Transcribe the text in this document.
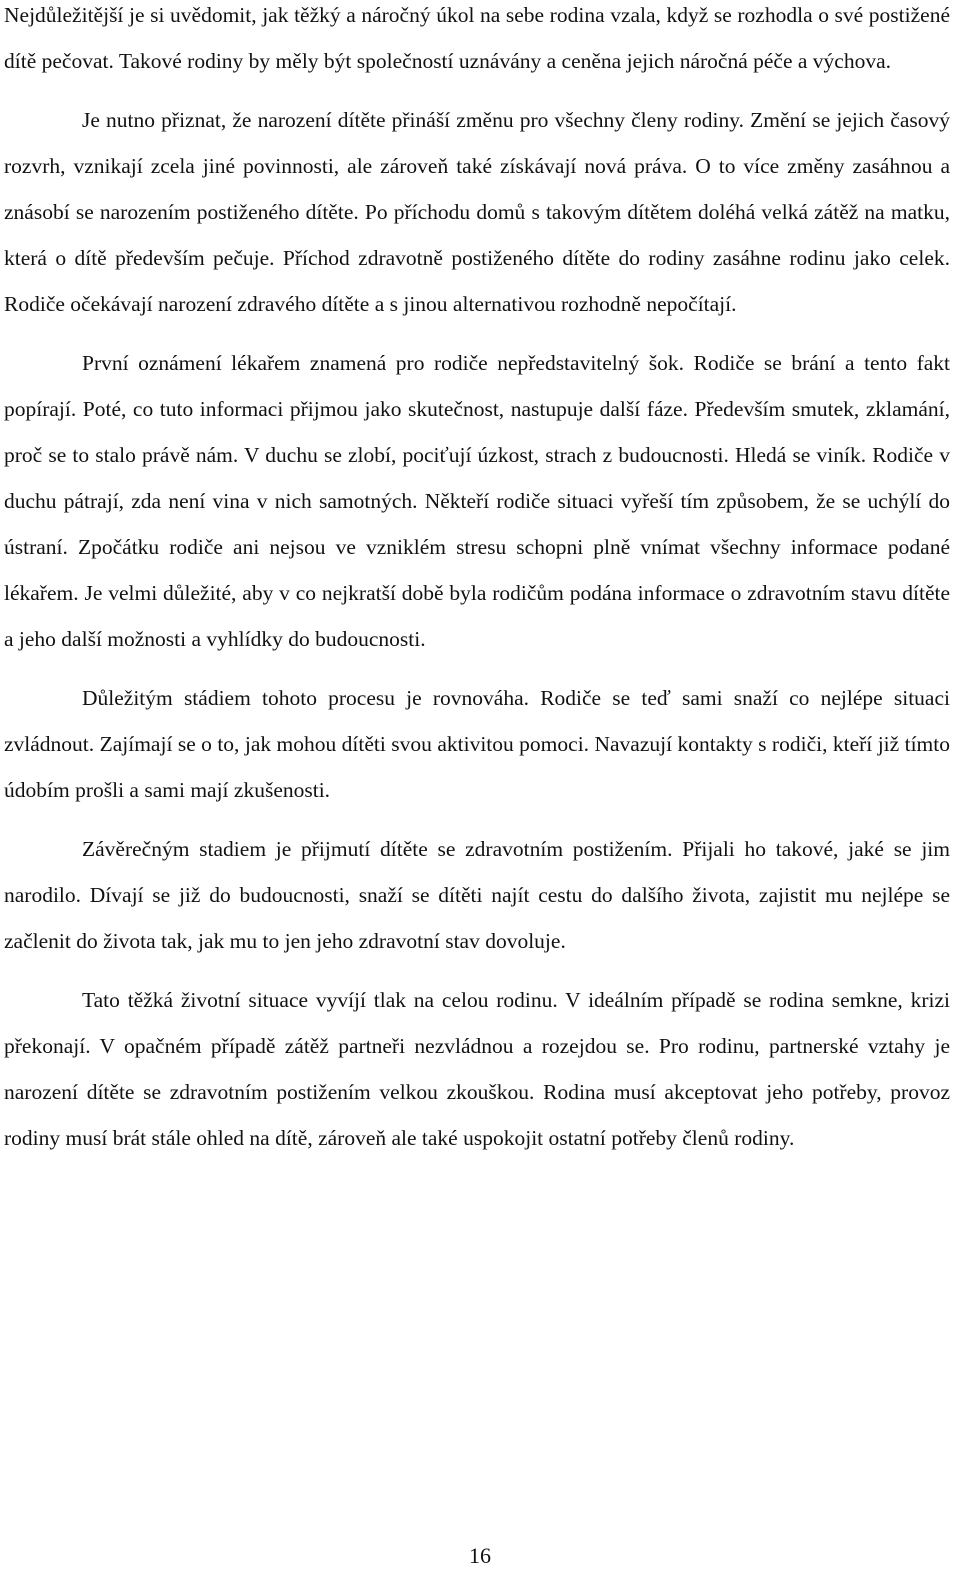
Nejdůležitější je si uvědomit, jak těžký a náročný úkol na sebe rodina vzala, když se rozhodla o své postižené dítě pečovat. Takové rodiny by měly být společností uznávány a ceněna jejich náročná péče a výchova.

Je nutno přiznat, že narození dítěte přináší změnu pro všechny členy rodiny. Změní se jejich časový rozvrh, vznikají zcela jiné povinnosti, ale zároveň také získávají nová práva. O to více změny zasáhnou a znásobí se narozením postiženého dítěte. Po příchodu domů s takovým dítětem doléhá velká zátěž na matku, která o dítě především pečuje. Příchod zdravotně postiženého dítěte do rodiny zasáhne rodinu jako celek. Rodiče očekávají narození zdravého dítěte a s jinou alternativou rozhodně nepočítají.

První oznámení lékařem znamená pro rodiče nepředstavitelný šok. Rodiče se brání a tento fakt popírají. Poté, co tuto informaci přijmou jako skutečnost, nastupuje další fáze. Především smutek, zklamání, proč se to stalo právě nám. V duchu se zlobí, pociťují úzkost, strach z budoucnosti. Hledá se viník. Rodiče v duchu pátrají, zda není vina v nich samotných. Někteří rodiče situaci vyřeší tím způsobem, že se uchýlí do ústraní. Zpočátku rodiče ani nejsou ve vzniklém stresu schopni plně vnímat všechny informace podané lékařem. Je velmi důležité, aby v co nejkratší době byla rodičům podána informace o zdravotním stavu dítěte a jeho další možnosti a vyhlídky do budoucnosti.

Důležitým stádiem tohoto procesu je rovnováha. Rodiče se teď sami snaží co nejlépe situaci zvládnout. Zajímají se o to, jak mohou dítěti svou aktivitou pomoci. Navazují kontakty s rodiči, kteří již tímto údobím prošli a sami mají zkušenosti.

Závěrečným stadiem je přijmutí dítěte se zdravotním postižením. Přijali ho takové, jaké se jim narodilo. Dívají se již do budoucnosti, snaží se dítěti najít cestu do dalšího života, zajistit mu nejlépe se začlenit do života tak, jak mu to jen jeho zdravotní stav dovoluje.

Tato těžká životní situace vyvíjí tlak na celou rodinu. V ideálním případě se rodina semkne, krizi překonají. V opačném případě zátěž partneři nezvládnou a rozejdou se. Pro rodinu, partnerské vztahy je narození dítěte se zdravotním postižením velkou zkouškou. Rodina musí akceptovat jeho potřeby, provoz rodiny musí brát stále ohled na dítě, zároveň ale také uspokojit ostatní potřeby členů rodiny.

16
